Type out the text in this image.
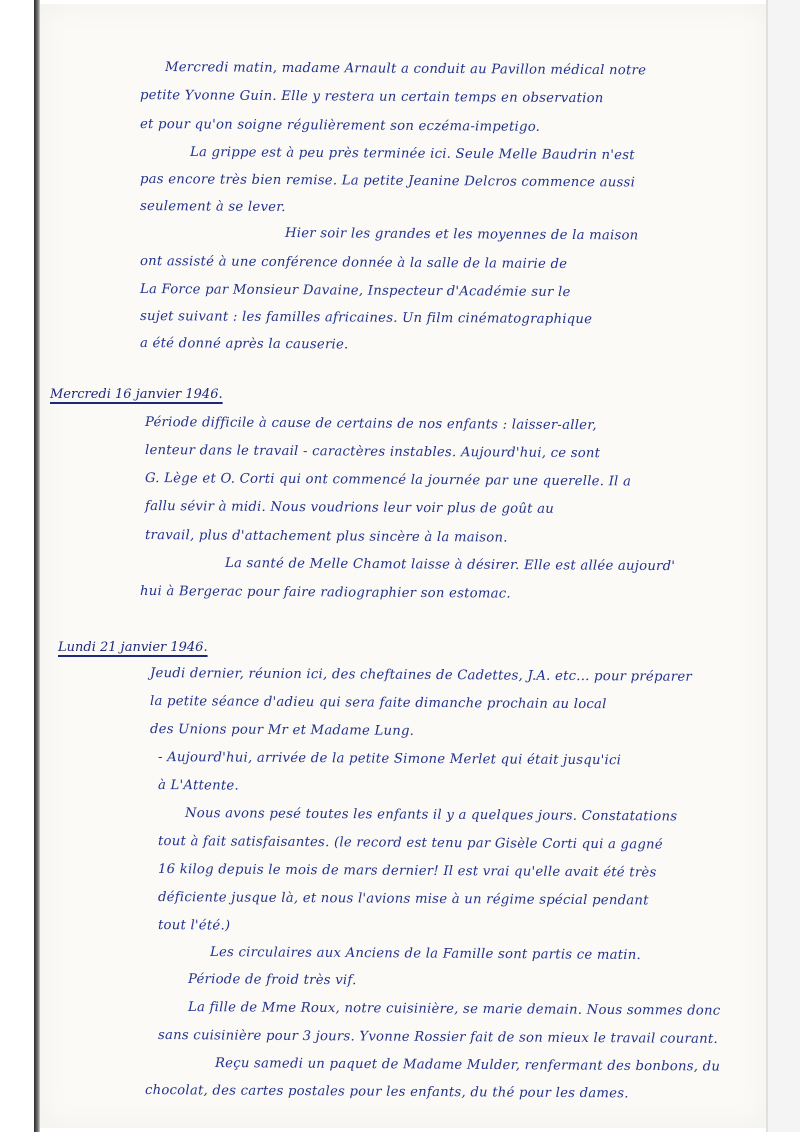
Mercredi matin, madame Arnault a conduit au Pavillon médical notre
petite Yvonne Guin. Elle y restera un certain temps en observation
et pour qu'on soigne régulièrement son eczéma-impetigo.
La grippe est à peu près terminée ici. Seule Melle Baudrin n'est
pas encore très bien remise. La petite Jeanine Delcros commence aussi
seulement à se lever.
Hier soir les grandes et les moyennes de la maison
ont assisté à une conférence donnée à la salle de la mairie de
La Force par Monsieur Davaine, Inspecteur d'Académie sur le
sujet suivant : les familles africaines. Un film cinématographique
a été donné après la causerie.
Mercredi 16 janvier 1946.
Période difficile à cause de certains de nos enfants : laisser-aller,
lenteur dans le travail - caractères instables. Aujourd'hui, ce sont
G. Lège et O. Corti qui ont commencé la journée par une querelle. Il a
fallu sévir à midi. Nous voudrions leur voir plus de goût au
travail, plus d'attachement plus sincère à la maison.
La santé de Melle Chamot laisse à désirer. Elle est allée aujourd'
hui à Bergerac pour faire radiographier son estomac.
Lundi 21 janvier 1946.
Jeudi dernier, réunion ici, des cheftaines de Cadettes, J.A. etc... pour préparer
la petite séance d'adieu qui sera faite dimanche prochain au local
des Unions pour Mr et Madame Lung.
- Aujourd'hui, arrivée de la petite Simone Merlet qui était jusqu'ici
à L'Attente.
Nous avons pesé toutes les enfants il y a quelques jours. Constatations
tout à fait satisfaisantes. (le record est tenu par Gisèle Corti qui a gagné
16 kilog depuis le mois de mars dernier! Il est vrai qu'elle avait été très
déficiente jusque là, et nous l'avions mise à un régime spécial pendant
tout l'été.)
Les circulaires aux Anciens de la Famille sont partis ce matin.
Période de froid très vif.
La fille de Mme Roux, notre cuisinière, se marie demain. Nous sommes donc
sans cuisinière pour 3 jours. Yvonne Rossier fait de son mieux le travail courant.
Reçu samedi un paquet de Madame Mulder, renfermant des bonbons, du
chocolat, des cartes postales pour les enfants, du thé pour les dames.
